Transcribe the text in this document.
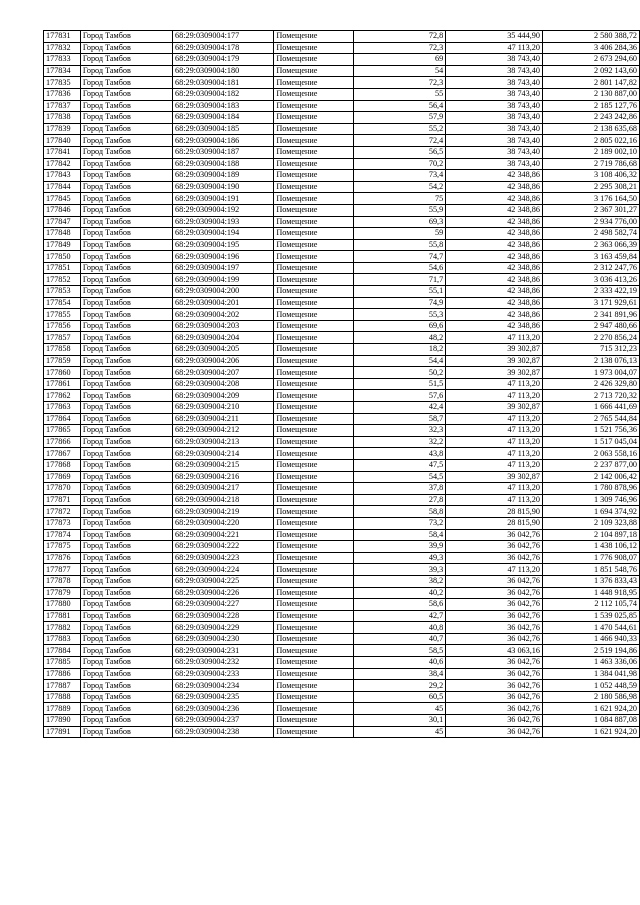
177831	Город Тамбов	68:29:0309004:177	Помещение	72,8	35 444,90	2 580 388,72
177832	Город Тамбов	68:29:0309004:178	Помещение	72,3	47 113,20	3 406 284,36
177833	Город Тамбов	68:29:0309004:179	Помещение	69	38 743,40	2 673 294,60
177834	Город Тамбов	68:29:0309004:180	Помещение	54	38 743,40	2 092 143,60
177835	Город Тамбов	68:29:0309004:181	Помещение	72,3	38 743,40	2 801 147,82
177836	Город Тамбов	68:29:0309004:182	Помещение	55	38 743,40	2 130 887,00
177837	Город Тамбов	68:29:0309004:183	Помещение	56,4	38 743,40	2 185 127,76
177838	Город Тамбов	68:29:0309004:184	Помещение	57,9	38 743,40	2 243 242,86
177839	Город Тамбов	68:29:0309004:185	Помещение	55,2	38 743,40	2 138 635,68
177840	Город Тамбов	68:29:0309004:186	Помещение	72,4	38 743,40	2 805 022,16
177841	Город Тамбов	68:29:0309004:187	Помещение	56,5	38 743,40	2 189 002,10
177842	Город Тамбов	68:29:0309004:188	Помещение	70,2	38 743,40	2 719 786,68
177843	Город Тамбов	68:29:0309004:189	Помещение	73,4	42 348,86	3 108 406,32
177844	Город Тамбов	68:29:0309004:190	Помещение	54,2	42 348,86	2 295 308,21
177845	Город Тамбов	68:29:0309004:191	Помещение	75	42 348,86	3 176 164,50
177846	Город Тамбов	68:29:0309004:192	Помещение	55,9	42 348,86	2 367 301,27
177847	Город Тамбов	68:29:0309004:193	Помещение	69,3	42 348,86	2 934 776,00
177848	Город Тамбов	68:29:0309004:194	Помещение	59	42 348,86	2 498 582,74
177849	Город Тамбов	68:29:0309004:195	Помещение	55,8	42 348,86	2 363 066,39
177850	Город Тамбов	68:29:0309004:196	Помещение	74,7	42 348,86	3 163 459,84
177851	Город Тамбов	68:29:0309004:197	Помещение	54,6	42 348,86	2 312 247,76
177852	Город Тамбов	68:29:0309004:199	Помещение	71,7	42 348,86	3 036 413,26
177853	Город Тамбов	68:29:0309004:200	Помещение	55,1	42 348,86	2 333 422,19
177854	Город Тамбов	68:29:0309004:201	Помещение	74,9	42 348,86	3 171 929,61
177855	Город Тамбов	68:29:0309004:202	Помещение	55,3	42 348,86	2 341 891,96
177856	Город Тамбов	68:29:0309004:203	Помещение	69,6	42 348,86	2 947 480,66
177857	Город Тамбов	68:29:0309004:204	Помещение	48,2	47 113,20	2 270 856,24
177858	Город Тамбов	68:29:0309004:205	Помещение	18,2	39 302,87	715 312,23
177859	Город Тамбов	68:29:0309004:206	Помещение	54,4	39 302,87	2 138 076,13
177860	Город Тамбов	68:29:0309004:207	Помещение	50,2	39 302,87	1 973 004,07
177861	Город Тамбов	68:29:0309004:208	Помещение	51,5	47 113,20	2 426 329,80
177862	Город Тамбов	68:29:0309004:209	Помещение	57,6	47 113,20	2 713 720,32
177863	Город Тамбов	68:29:0309004:210	Помещение	42,4	39 302,87	1 666 441,69
177864	Город Тамбов	68:29:0309004:211	Помещение	58,7	47 113,20	2 765 544,84
177865	Город Тамбов	68:29:0309004:212	Помещение	32,3	47 113,20	1 521 756,36
177866	Город Тамбов	68:29:0309004:213	Помещение	32,2	47 113,20	1 517 045,04
177867	Город Тамбов	68:29:0309004:214	Помещение	43,8	47 113,20	2 063 558,16
177868	Город Тамбов	68:29:0309004:215	Помещение	47,5	47 113,20	2 237 877,00
177869	Город Тамбов	68:29:0309004:216	Помещение	54,5	39 302,87	2 142 006,42
177870	Город Тамбов	68:29:0309004:217	Помещение	37,8	47 113,20	1 780 878,96
177871	Город Тамбов	68:29:0309004:218	Помещение	27,8	47 113,20	1 309 746,96
177872	Город Тамбов	68:29:0309004:219	Помещение	58,8	28 815,90	1 694 374,92
177873	Город Тамбов	68:29:0309004:220	Помещение	73,2	28 815,90	2 109 323,88
177874	Город Тамбов	68:29:0309004:221	Помещение	58,4	36 042,76	2 104 897,18
177875	Город Тамбов	68:29:0309004:222	Помещение	39,9	36 042,76	1 438 106,12
177876	Город Тамбов	68:29:0309004:223	Помещение	49,3	36 042,76	1 776 908,07
177877	Город Тамбов	68:29:0309004:224	Помещение	39,3	47 113,20	1 851 548,76
177878	Город Тамбов	68:29:0309004:225	Помещение	38,2	36 042,76	1 376 833,43
177879	Город Тамбов	68:29:0309004:226	Помещение	40,2	36 042,76	1 448 918,95
177880	Город Тамбов	68:29:0309004:227	Помещение	58,6	36 042,76	2 112 105,74
177881	Город Тамбов	68:29:0309004:228	Помещение	42,7	36 042,76	1 539 025,85
177882	Город Тамбов	68:29:0309004:229	Помещение	40,8	36 042,76	1 470 544,61
177883	Город Тамбов	68:29:0309004:230	Помещение	40,7	36 042,76	1 466 940,33
177884	Город Тамбов	68:29:0309004:231	Помещение	58,5	43 063,16	2 519 194,86
177885	Город Тамбов	68:29:0309004:232	Помещение	40,6	36 042,76	1 463 336,06
177886	Город Тамбов	68:29:0309004:233	Помещение	38,4	36 042,76	1 384 041,98
177887	Город Тамбов	68:29:0309004:234	Помещение	29,2	36 042,76	1 052 448,59
177888	Город Тамбов	68:29:0309004:235	Помещение	60,5	36 042,76	2 180 586,98
177889	Город Тамбов	68:29:0309004:236	Помещение	45	36 042,76	1 621 924,20
177890	Город Тамбов	68:29:0309004:237	Помещение	30,1	36 042,76	1 084 887,08
177891	Город Тамбов	68:29:0309004:238	Помещение	45	36 042,76	1 621 924,20
